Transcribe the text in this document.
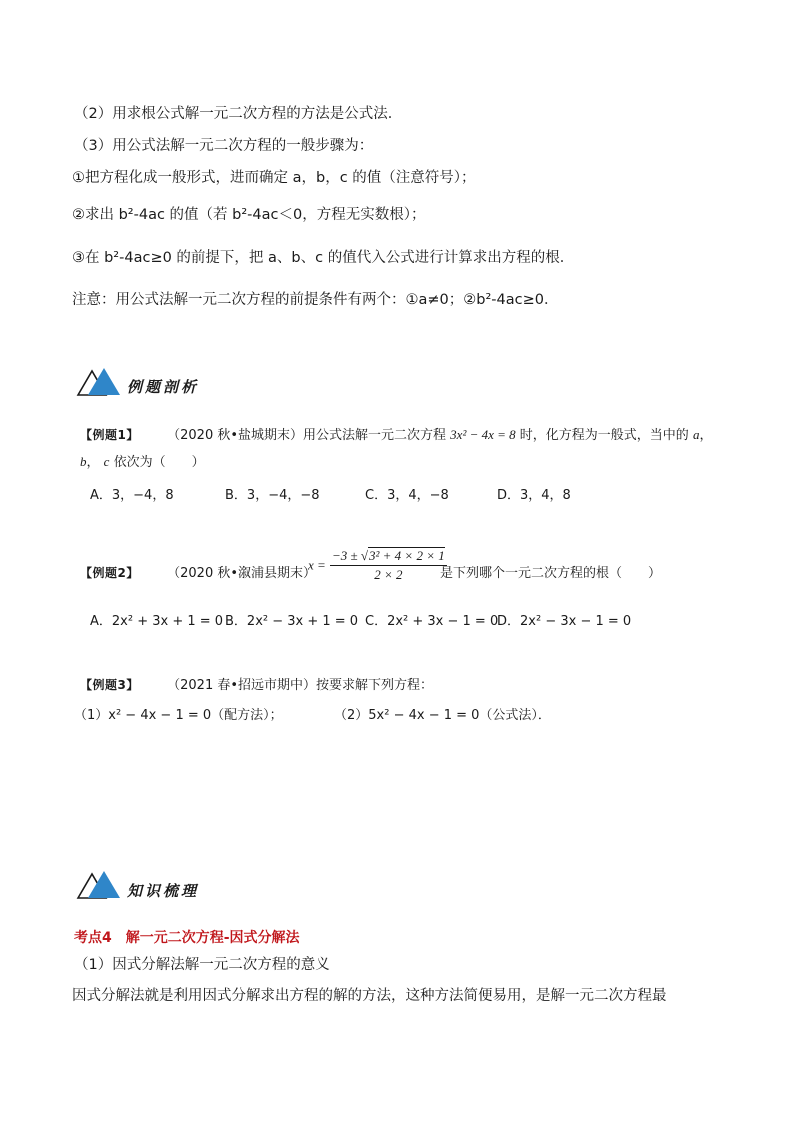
（2）用求根公式解一元二次方程的方法是公式法．
（3）用公式法解一元二次方程的一般步骤为：
①把方程化成一般形式，进而确定 a，b，c 的值（注意符号）；
②求出 b²-4ac 的值（若 b²-4ac＜0，方程无实数根）；
③在 b²-4ac≥0 的前提下，把 a、b、c 的值代入公式进行计算求出方程的根．
注意：用公式法解一元二次方程的前提条件有两个：①a≠0；②b²-4ac≥0．
例题剖析
【例题1】 （2020 秋•盐城期末）用公式法解一元二次方程 3x² − 4x = 8 时，化方程为一般式，当中的 a，
b， c 依次为（　　）
A．3，−4，8	B．3，−4，−8	C．3，4，−8	D．3，4，8
【例题2】 （2020 秋•溆浦县期末）
$x = \frac{\text{−3 ± √3² + 4 × 2 × 1}}{2 \times 2}$
是下列哪个一元二次方程的根（　　）
A．2x² + 3x + 1 = 0 B．2x² − 3x + 1 = 0 C．2x² + 3x − 1 = 0
D．2x² − 3x − 1 = 0
【例题3】 （2021 春•招远市期中）按要求解下列方程：
（1）x² − 4x − 1 = 0（配方法）；	（2）5x² − 4x − 1 = 0（公式法）．
知识梳理
考点4　解一元二次方程-因式分解法
（1）因式分解法解一元二次方程的意义
因式分解法就是利用因式分解求出方程的解的方法，这种方法简便易用，是解一元二次方程最
